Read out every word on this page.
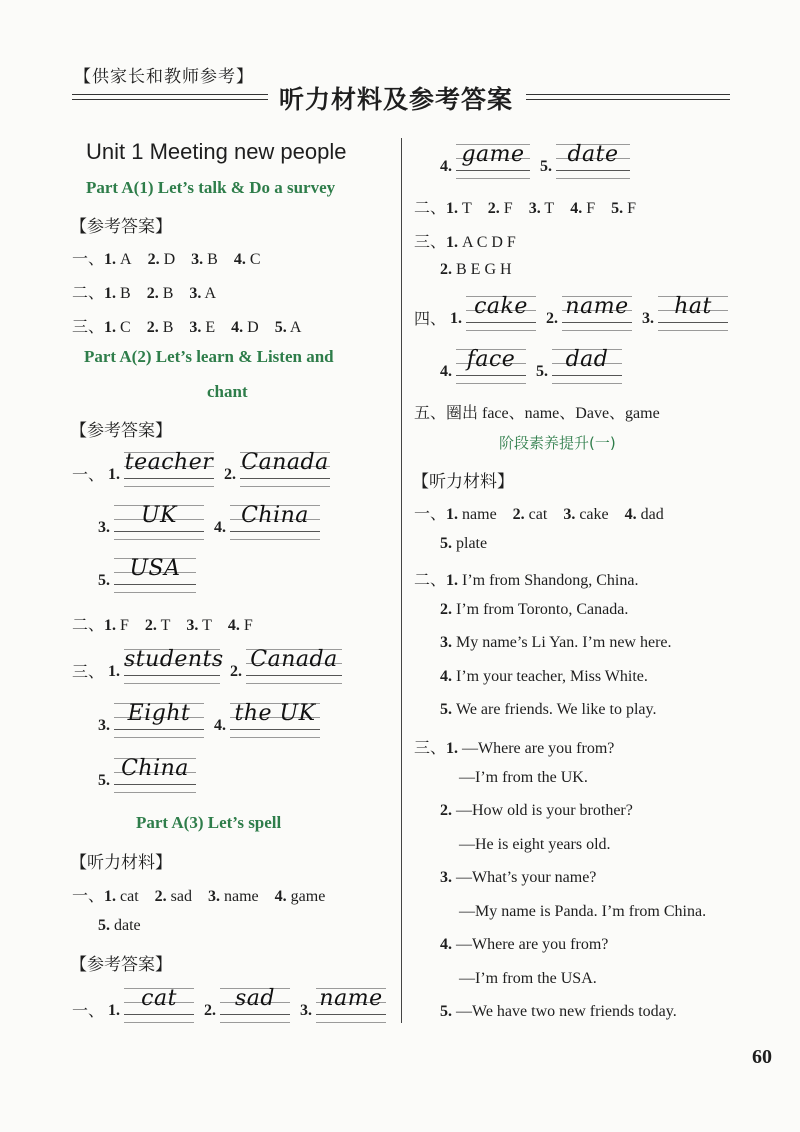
【供家长和教师参考】
听力材料及参考答案
Unit 1 Meeting new people
Part A(1) Let’s talk & Do a survey
【参考答案】
一、1. A  2. D  3. B  4. C
二、1. B  2. B  3. A
三、1. C  2. B  3. E  4. D  5. A
Part A(2) Let’s learn & Listen and
chant
【参考答案】
一、 1. teacher 2. Canada
3.	UK	4. China
5. USA
二、1. F  2. T  3. T  4. F
三、 1. students 2. Canada
3. Eight	4. the UK
5. China
Part A(3) Let’s spell
【听力材料】
一、1. cat  2. sad  3. name  4. game
5. date
【参考答案】
一、 1. cat	2. sad	3. name
4. game 5. date
二、1. T  2. F  3. T  4. F  5. F
三、1. A C D F
2. B E G H
四、 1. cake	2. name 3. hat
4. face	5. dad
五、圈出 face、name、Dave、game
阶段素养提升(一)
【听力材料】
一、1. name  2. cat  3. cake  4. dad
5. plate
二、1. I’m from Shandong, China.
2. I’m from Toronto, Canada.
3. My name’s Li Yan. I’m new here.
4. I’m your teacher, Miss White.
5. We are friends. We like to play.
三、1. —Where are you from?
—I’m from the UK.
2. —How old is your brother?
—He is eight years old.
3. —What’s your name?
—My name is Panda. I’m from China.
4. —Where are you from?
—I’m from the USA.
5. —We have two new friends today.
60
